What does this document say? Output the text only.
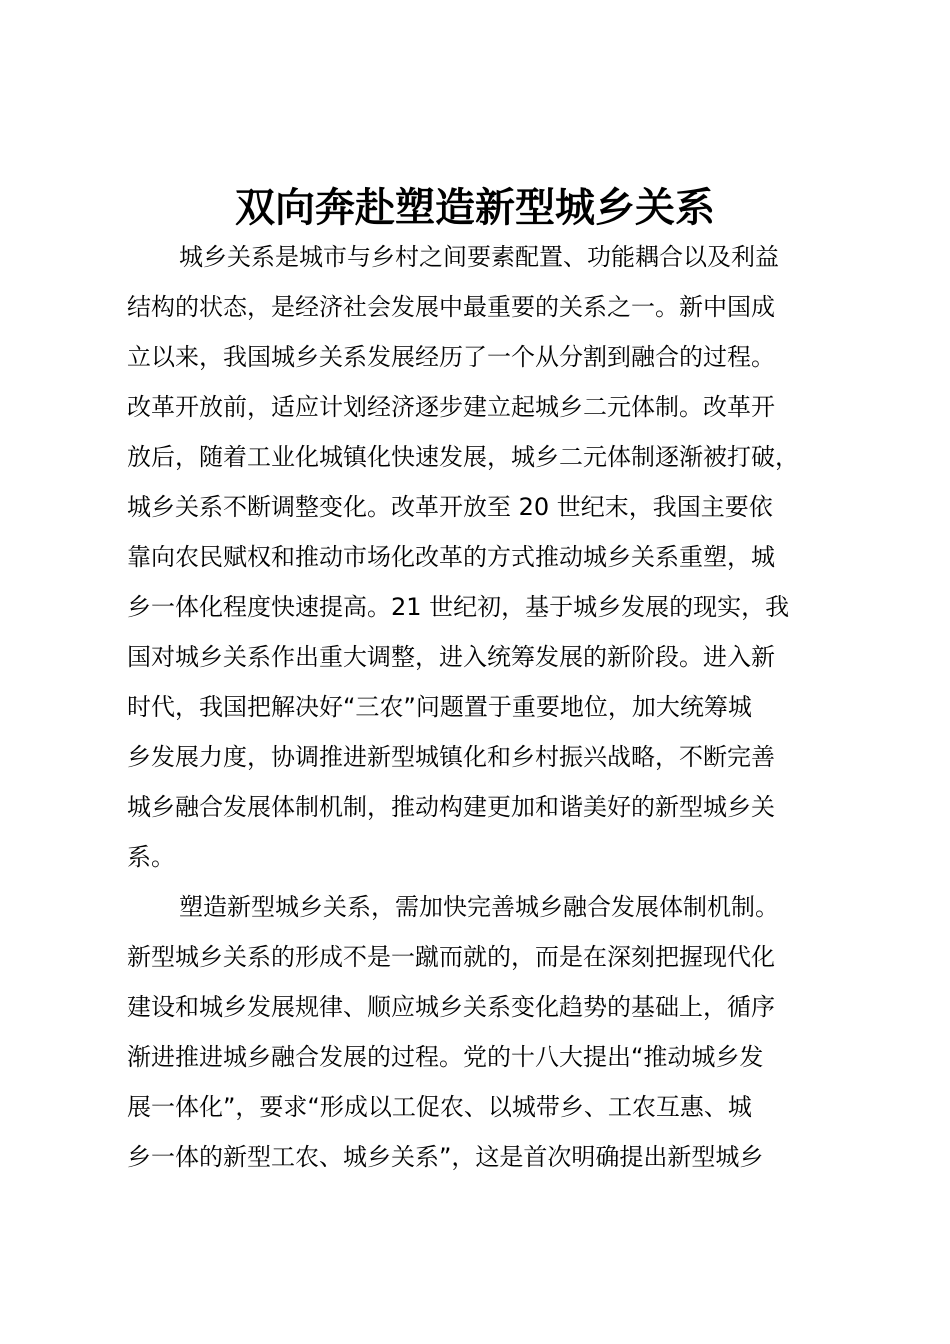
双向奔赴塑造新型城乡关系
城乡关系是城市与乡村之间要素配置、功能耦合以及利益
结构的状态，是经济社会发展中最重要的关系之一。新中国成
立以来，我国城乡关系发展经历了一个从分割到融合的过程。
改革开放前，适应计划经济逐步建立起城乡二元体制。改革开
放后，随着工业化城镇化快速发展，城乡二元体制逐渐被打破，
城乡关系不断调整变化。改革开放至 20 世纪末，我国主要依
靠向农民赋权和推动市场化改革的方式推动城乡关系重塑，城
乡一体化程度快速提高。21 世纪初，基于城乡发展的现实，我
国对城乡关系作出重大调整，进入统筹发展的新阶段。进入新
时代，我国把解决好“三农”问题置于重要地位，加大统筹城
乡发展力度，协调推进新型城镇化和乡村振兴战略，不断完善
城乡融合发展体制机制，推动构建更加和谐美好的新型城乡关
系。
塑造新型城乡关系，需加快完善城乡融合发展体制机制。
新型城乡关系的形成不是一蹴而就的，而是在深刻把握现代化
建设和城乡发展规律、顺应城乡关系变化趋势的基础上，循序
渐进推进城乡融合发展的过程。党的十八大提出“推动城乡发
展一体化”，要求“形成以工促农、以城带乡、工农互惠、城
乡一体的新型工农、城乡关系”，这是首次明确提出新型城乡
